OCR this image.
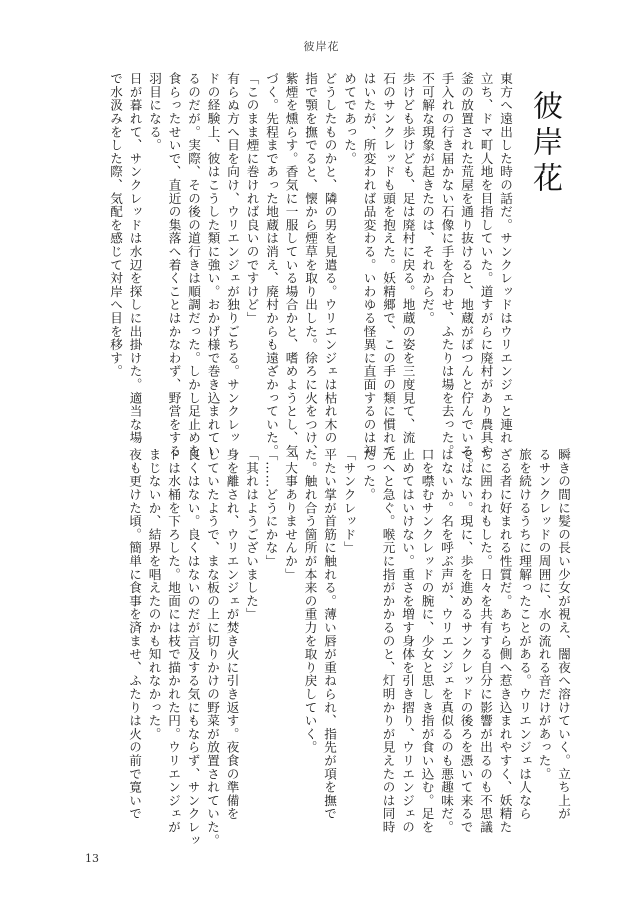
彼岸花
彼岸花
東方へ遠出した時の話だ。サンクレッドはウリエンジェと連れ
立ち、ドマ町人地を目指していた。道すがらに廃村があり農具や
釜の放置された荒屋を通り抜けると、地蔵がぽつんと佇んでいる。
手入れの行き届かない石像に手を合わせ、ふたりは場を去った。
不可解な現象が起きたのは、それからだ。
歩けども歩けども、足は廃村に戻る。地蔵の姿を三度見て、流
石のサンクレッドも頭を抱えた。妖精郷で、この手の類に慣れて
はいたが、所変われば品変わる。いわゆる怪異に直面するのは初
めてであった。
どうしたものかと、隣の男を見遣る。ウリエンジェは枯れ木の
指で顎を撫でると、懐から煙草を取り出した。徐ろに火をつけ、
紫煙を燻らす。香気に一服している場合かと、嗜めようとし、気
づく。先程まであった地蔵は消え、廃村からも遠ざかっていた。
「このまま煙に巻ければ良いのですけど」
有らぬ方へ目を向け、ウリエンジェが独りごちる。サンクレッ
ドの経験上、彼はこうした類に強い。おかげ様で巻き込まれてい
るのだが。実際、その後の道行きは順調だった。しかし足止めを
食らったせいで、直近の集落へ着くことはかなわず、野営をする
羽目になる。
日が暮れて、サンクレッドは水辺を探しに出掛けた。適当な場
で水汲みをした際、気配を感じて対岸へ目を移す。
瞬きの間に髪の長い少女が視え、闇夜へ溶けていく。立ち上が
るサンクレッドの周囲に、水の流れる音だけがあった。
旅を続けるうちに理解ったことがある。ウリエンジェは人なら
ざる者に好まれる性質だ。あちら側へ惹き込まれやすく、妖精た
ちに囲われもした。日々を共有する自分に影響が出るのも不思議
ではない。現に、歩を進めるサンクレッドの後ろを憑いて来るで
はないか。名を呼ぶ声が、ウリエンジェを真似るのも悪趣味だ。
口を噤むサンクレッドの腕に、少女と思しき指が食い込む。足を
止めてはいけない。重さを増す身体を引き摺り、ウリエンジェの
元へと急ぐ。喉元に指がかかるのと、灯明かりが見えたのは同時
だった。
「サンクレッド」
平たい掌が首筋に触れる。薄い唇が重ねられ、指先が項を撫で
た。触れ合う箇所が本来の重力を取り戻していく。
「大事ありませんか」
「……どうにかな」
「其れはようございました」
身を離され、ウリエンジェが焚き火に引き返す。夜食の準備を
していたようで、まな板の上に切りかけの野菜が放置されていた。
良くはない。良くはないのだが言及する気にもならず、サンクレッ
ドは水桶を下ろした。地面には枝で描かれた円。ウリエンジェが
まじないか、結界を唱えたのかも知れなかった。
夜も更けた頃。簡単に食事を済ませ、ふたりは火の前で寛いで
13
